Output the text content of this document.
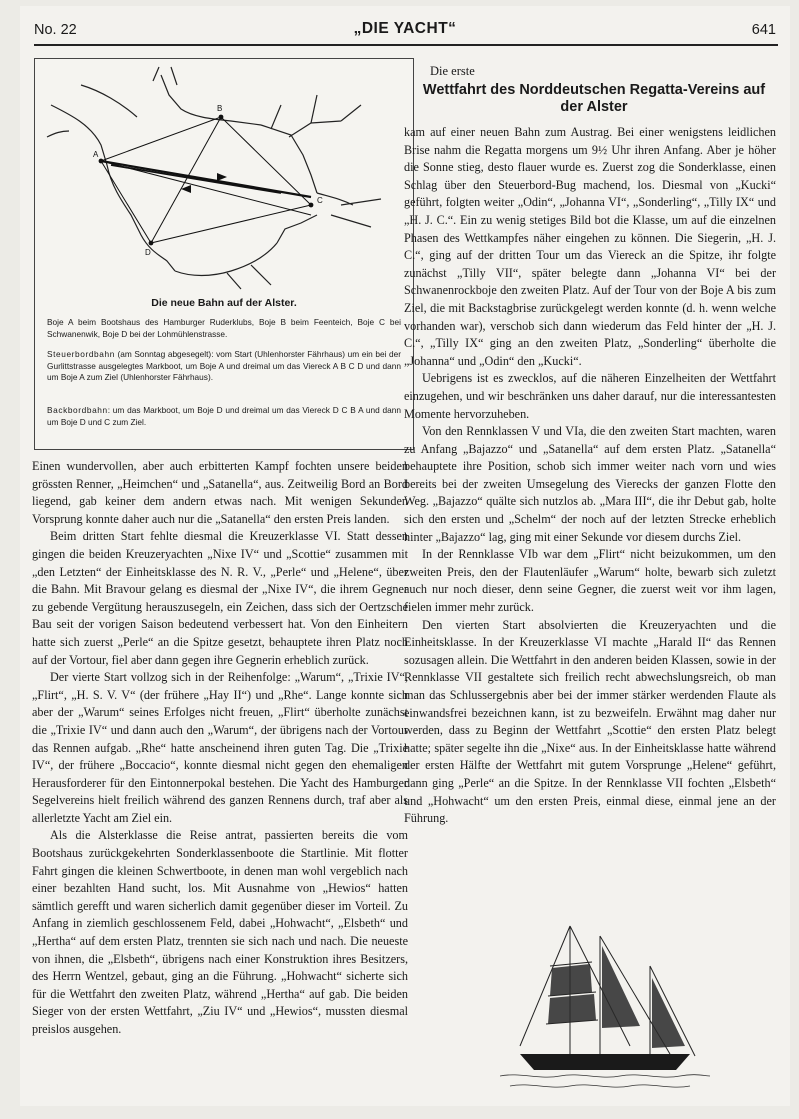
No. 22	„DIE YACHT“	641
A
B
C
D
Die neue Bahn auf der Alster.
Boje A beim Bootshaus des Hamburger Ruderklubs, Boje B beim Feenteich, Boje C bei Schwanenwik, Boje D bei der Lohmühlenstrasse.
Steuerbordbahn (am Sonntag abgesegelt): vom Start (Uhlenhorster Fährhaus) um ein bei der Gurlittstrasse ausgelegtes Markboot, um Boje A und dreimal um das Viereck A B C D und dann um Boje A zum Ziel (Uhlenhorster Fährhaus).
Backbordbahn: um das Markboot, um Boje D und dreimal um das Viereck D C B A und dann um Boje D und C zum Ziel.
Die erste
Wettfahrt des Norddeutschen Regatta-Vereins auf der Alster

Einen wundervollen, aber auch erbitterten Kampf fochten unsere beiden grössten Renner, „Heimchen“ und „Satanella“, aus. Zeitweilig Bord an Bord liegend, gab keiner dem andern etwas nach. Mit wenigen Sekunden Vorsprung konnte daher auch nur die „Satanella“ den ersten Preis landen.

Beim dritten Start fehlte diesmal die Kreuzerklasse VI. Statt dessen gingen die beiden Kreuzeryachten „Nixe IV“ und „Scottie“ zusammen mit „den Letzten“ der Einheitsklasse des N. R. V., „Perle“ und „Helene“, über die Bahn. Mit Bravour gelang es diesmal der „Nixe IV“, die ihrem Gegner zu gebende Vergütung herauszusegeln, ein Zeichen, dass sich der Oertzsche Bau seit der vorigen Saison bedeutend verbessert hat. Von den Einheitern hatte sich zuerst „Perle“ an die Spitze gesetzt, behauptete ihren Platz noch auf der Vortour, fiel aber dann gegen ihre Gegnerin erheblich zurück.

Der vierte Start vollzog sich in der Reihenfolge: „Warum“, „Trixie IV“, „Flirt“, „H. S. V. V“ (der frühere „Hay II“) und „Rhe“. Lange konnte sich aber der „Warum“ seines Erfolges nicht freuen, „Flirt“ überholte zunächst die „Trixie IV“ und dann auch den „Warum“, der übrigens nach der Vortour das Rennen aufgab. „Rhe“ hatte anscheinend ihren guten Tag. Die „Trixie IV“, der frühere „Boccacio“, konnte diesmal nicht gegen den ehemaligen Herausforderer für den Eintonnerpokal bestehen. Die Yacht des Hamburger Segelvereins hielt freilich während des ganzen Rennens durch, traf aber als allerletzte Yacht am Ziel ein.

Als die Alsterklasse die Reise antrat, passierten bereits die vom Bootshaus zurückgekehrten Sonderklassenboote die Startlinie. Mit flotter Fahrt gingen die kleinen Schwertboote, in denen man wohl vergeblich nach einer bezahlten Hand sucht, los. Mit Ausnahme von „Hewios“ hatten sämtlich gerefft und waren sicherlich damit gegenüber dieser im Vorteil. Zu Anfang in ziemlich geschlossenem Feld, dabei „Hohwacht“, „Elsbeth“ und „Hertha“ auf dem ersten Platz, trennten sie sich nach und nach. Die neueste von ihnen, die „Elsbeth“, übrigens nach einer Konstruktion ihres Besitzers, des Herrn Wentzel, gebaut, ging an die Führung. „Hohwacht“ sicherte sich für die Wettfahrt den zweiten Platz, während „Hertha“ auf gab. Die beiden Sieger von der ersten Wettfahrt, „Ziu IV“ und „Hewios“, mussten diesmal preislos ausgehen.

kam auf einer neuen Bahn zum Austrag. Bei einer wenigstens leidlichen Brise nahm die Regatta morgens um 9½ Uhr ihren Anfang. Aber je höher die Sonne stieg, desto flauer wurde es. Zuerst zog die Sonderklasse, einen Schlag über den Steuerbord-Bug machend, los. Diesmal von „Kucki“ geführt, folgten weiter „Odin“, „Johanna VI“, „Sonderling“, „Tilly IX“ und „H. J. C.“. Ein zu wenig stetiges Bild bot die Klasse, um auf die einzelnen Phasen des Wettkampfes näher eingehen zu können. Die Siegerin, „H. J. C.“, ging auf der dritten Tour um das Viereck an die Spitze, ihr folgte zunächst „Tilly VII“, später belegte dann „Johanna VI“ bei der Schwanenrockboje den zweiten Platz. Auf der Tour von der Boje A bis zum Ziel, die mit Backstagbrise zurückgelegt werden konnte (d. h. wenn welche vorhanden war), verschob sich dann wiederum das Feld hinter der „H. J. C.“, „Tilly IX“ ging an den zweiten Platz, „Sonderling“ überholte die „Johanna“ und „Odin“ den „Kucki“.

Uebrigens ist es zwecklos, auf die näheren Einzelheiten der Wettfahrt einzugehen, und wir beschränken uns daher darauf, nur die interessantesten Momente hervorzuheben.

Von den Rennklassen V und VIa, die den zweiten Start machten, waren zu Anfang „Bajazzo“ und „Satanella“ auf dem ersten Platz. „Satanella“ behauptete ihre Position, schob sich immer weiter nach vorn und wies bereits bei der zweiten Umsegelung des Vierecks der ganzen Flotte den Weg. „Bajazzo“ quälte sich nutzlos ab. „Mara III“, die ihr Debut gab, holte sich den ersten und „Schelm“ der noch auf der letzten Strecke erheblich hinter „Bajazzo“ lag, ging mit einer Sekunde vor diesem durchs Ziel.

In der Rennklasse VIb war dem „Flirt“ nicht beizukommen, um den zweiten Preis, den der Flautenläufer „Warum“ holte, bewarb sich zuletzt auch nur noch dieser, denn seine Gegner, die zuerst weit vor ihm lagen, fielen immer mehr zurück.

Den vierten Start absolvierten die Kreuzeryachten und die Einheitsklasse. In der Kreuzerklasse VI machte „Harald II“ das Rennen sozusagen allein. Die Wettfahrt in den anderen beiden Klassen, sowie in der Rennklasse VII gestaltete sich freilich recht abwechslungsreich, ob man man das Schlussergebnis aber bei der immer stärker werdenden Flaute als einwandsfrei bezeichnen kann, ist zu bezweifeln. Erwähnt mag daher nur werden, dass zu Beginn der Wettfahrt „Scottie“ den ersten Platz belegt hatte; später segelte ihn die „Nixe“ aus. In der Einheitsklasse hatte während der ersten Hälfte der Wettfahrt mit gutem Vorsprunge „Helene“ geführt, dann ging „Perle“ an die Spitze. In der Rennklasse VII fochten „Elsbeth“ und „Hohwacht“ um den ersten Preis, einmal diese, einmal jene an der Führung.
